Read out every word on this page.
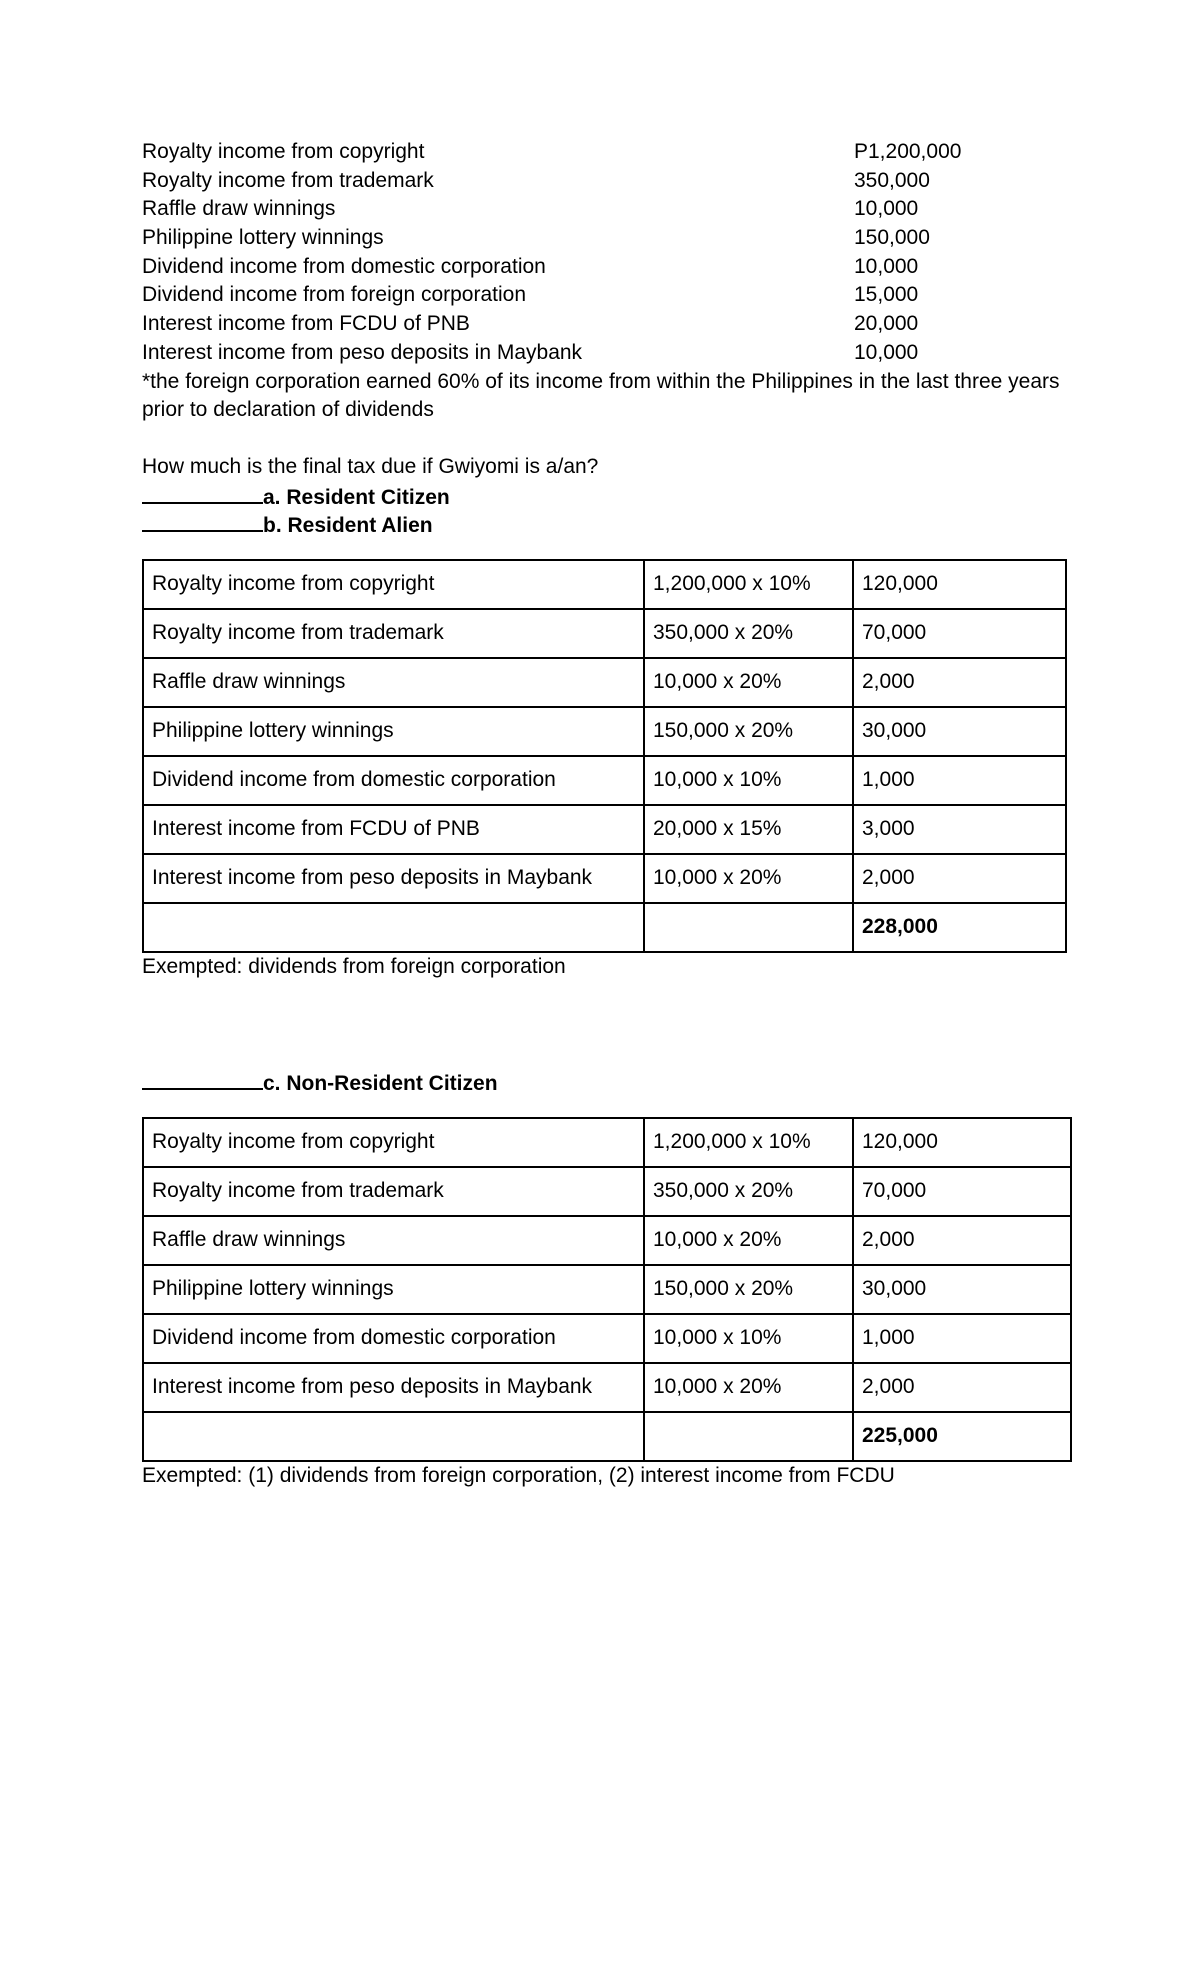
Royalty income from copyright	P1,200,000
Royalty income from trademark	350,000
Raffle draw winnings	10,000
Philippine lottery winnings	150,000
Dividend income from domestic corporation	10,000
Dividend income from foreign corporation	15,000
Interest income from FCDU of PNB	20,000
Interest income from peso deposits in Maybank	10,000
*the foreign corporation earned 60% of its income from within the Philippines in the last three years prior to declaration of dividends
How much is the final tax due if Gwiyomi is a/an?
a. Resident Citizen
b. Resident Alien
Royalty income from copyright	1,200,000 x 10%	120,000
Royalty income from trademark	350,000 x 20%	70,000
Raffle draw winnings	10,000 x 20%	2,000
Philippine lottery winnings	150,000 x 20%	30,000
Dividend income from domestic corporation	10,000 x 10%	1,000
Interest income from FCDU of PNB	20,000 x 15%	3,000
Interest income from peso deposits in Maybank	10,000 x 20%	2,000
		228,000
Exempted: dividends from foreign corporation
c. Non-Resident Citizen
Royalty income from copyright	1,200,000 x 10%	120,000
Royalty income from trademark	350,000 x 20%	70,000
Raffle draw winnings	10,000 x 20%	2,000
Philippine lottery winnings	150,000 x 20%	30,000
Dividend income from domestic corporation	10,000 x 10%	1,000
Interest income from peso deposits in Maybank	10,000 x 20%	2,000
		225,000
Exempted: (1) dividends from foreign corporation, (2) interest income from FCDU
